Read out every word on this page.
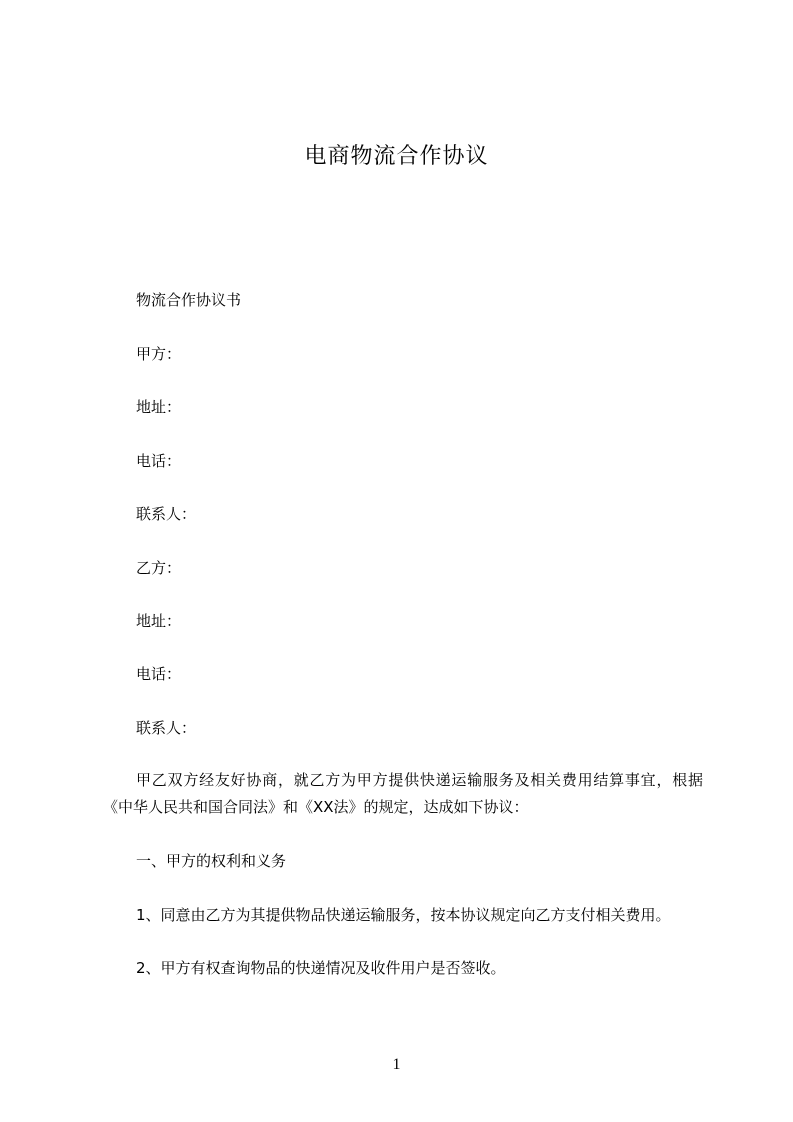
电商物流合作协议
物流合作协议书
甲方：
地址：
电话：
联系人：
乙方：
地址：
电话：
联系人：
甲乙双方经友好协商，就乙方为甲方提供快递运输服务及相关费用结算事宜，根据《中华人民共和国合同法》和《XX法》的规定，达成如下协议：
一、甲方的权利和义务
1、同意由乙方为其提供物品快递运输服务，按本协议规定向乙方支付相关费用。
2、甲方有权查询物品的快递情况及收件用户是否签收。
1
